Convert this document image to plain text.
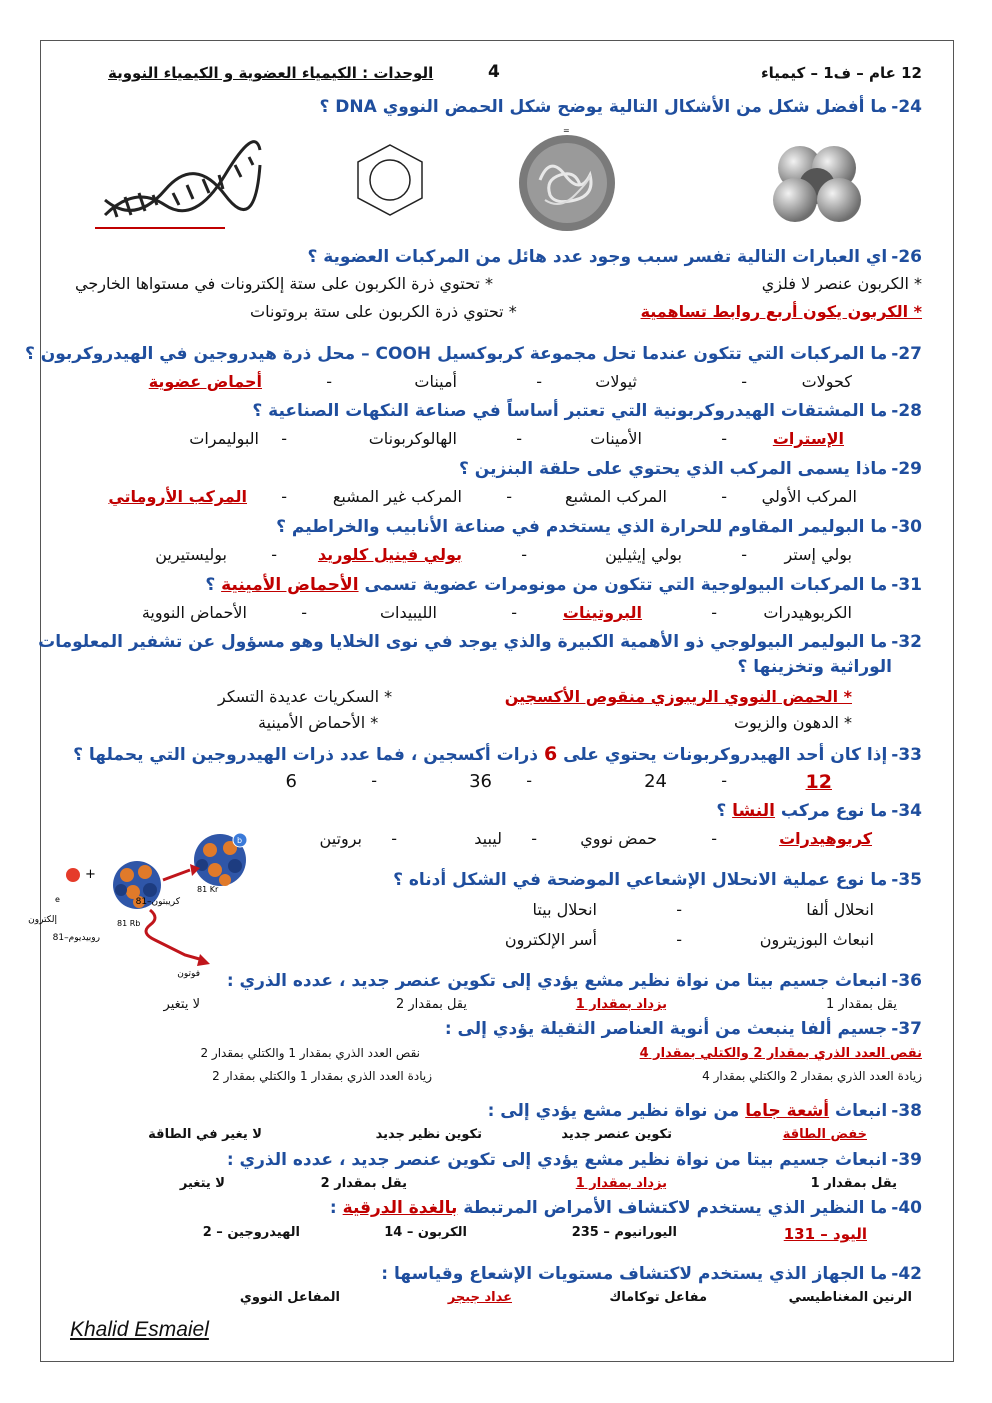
12 عام – ف1 – كيمياء
4
الوحدات : الكيمياء العضوية و الكيمياء النووية
24-ما أفضل شكل من الأشكال التالية يوضح شكل الحمض النووي DNA ؟
=
26-اي العبارات التالية تفسر سبب وجود عدد هائل من المركبات العضوية ؟
* الكربون عنصر لا فلزي
* تحتوي ذرة الكربون على ستة إلكترونات في مستواها الخارجي
* الكربون يكون أربع روابط تساهمية
* تحتوي ذرة الكربون على ستة بروتونات
27-ما المركبات التي تتكون عندما تحل مجموعة كربوكسيل COOH – محل ذرة هيدروجين في الهيدروكربون ؟
كحولات
-
ثيولات
-
أمينات
-
أحماض عضوية
28-ما المشتقات الهيدروكربونية التي تعتبر أساساً في صناعة النكهات الصناعية ؟
الإسترات
-
الأمينات
-
الهالوكربونات
-
البوليمرات
29-ماذا يسمى المركب الذي يحتوي على حلقة البنزين ؟
المركب الأولي
-
المركب المشبع
-
المركب غير المشبع
-
المركب الأروماتي
30-ما البوليمر المقاوم للحرارة الذي يستخدم في صناعة الأنابيب والخراطيم ؟
بولي إستر
-
بولي إيثيلين
-
بولي فينيل كلوريد
-
بوليستيرين
31-ما المركبات البيولوجية التي تتكون من مونومرات عضوية تسمى الأحماض الأمينية ؟
الكربوهيدرات
-
البروتينات
-
الليبيدات
-
الأحماض النووية
32-ما البوليمر البيولوجي ذو الأهمية الكبيرة والذي يوجد في نوى الخلايا وهو مسؤول عن تشفير المعلومات
الوراثية وتخزينها ؟
* الحمض النووي الريبوزي منقوص الأكسجين
* السكريات عديدة التسكر
* الدهون والزيوت
* الأحماض الأمينية
33-إذا كان أحد الهيدروكربونات يحتوي على 6 ذرات أكسجين ، فما عدد ذرات الهيدروجين التي يحملها ؟
12
-
24
-
36
-
6
34-ما نوع مركب النشا ؟
كربوهيدرات
-
حمض نووي
-
ليبيد
-
بروتين
+
b
e
81 Kr
81 Rb
إلكترون
روبيديوم–81
كريبتون–81
فوتون
35-ما نوع عملية الانحلال الإشعاعي الموضحة في الشكل أدناه ؟
انحلال ألفا
-
انحلال بيتا
انبعاث البوزيترون
-
أسر الإلكترون
36-انبعاث جسيم بيتا من نواة نظير مشع يؤدي إلى تكوين عنصر جديد ، عدده الذري :
يقل بمقدار 1
يزداد بمقدار 1
يقل بمقدار 2
لا يتغير
37-جسيم ألفا ينبعث من أنوية العناصر الثقيلة يؤدي إلى :
نقص العدد الذري بمقدار 2 والكتلي بمقدار 4
نقص العدد الذري بمقدار 1 والكتلي بمقدار 2
زيادة العدد الذري بمقدار 2 والكتلي بمقدار 4
زيادة العدد الذري بمقدار 1 والكتلي بمقدار 2
38-انبعاث أشعة جاما من نواة نظير مشع يؤدي إلى :
خفض الطاقة
تكوين عنصر جديد
تكوين نظير جديد
لا يغير في الطاقة
39-انبعاث جسيم بيتا من نواة نظير مشع يؤدي إلى تكوين عنصر جديد ، عدده الذري :
يقل بمقدار 1
يزداد بمقدار 1
يقل بمقدار 2
لا يتغير
40-ما النظير الذي يستخدم لاكتشاف الأمراض المرتبطة بالغدة الدرقية :
اليود – 131
اليورانيوم – 235
الكربون – 14
الهيدروجين – 2
42-ما الجهاز الذي يستخدم لاكتشاف مستويات الإشعاع وقياسها :
الرنين المغناطيسي
مفاعل توكاماك
عداد جيجر
المفاعل النووي
Khalid Esmaiel
